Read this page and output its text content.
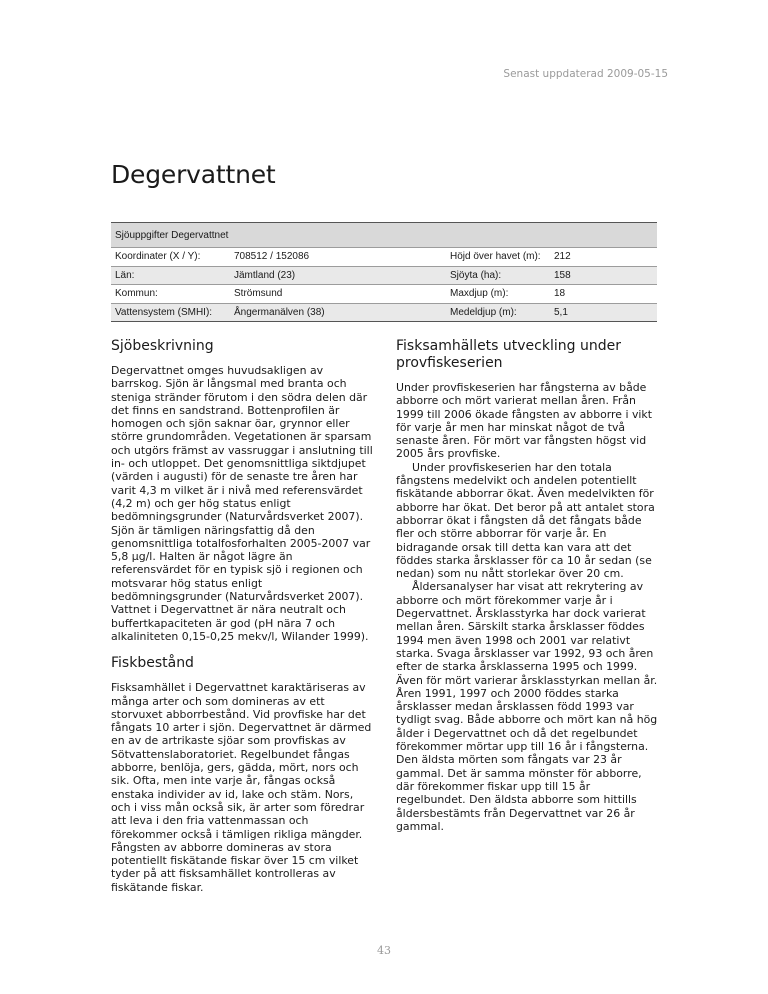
Senast uppdaterad 2009-05-15
Degervattnet
Sjöuppgifter Degervattnet			
Koordinater (X / Y):	708512 / 152086	Höjd över havet (m):	212
Län:	Jämtland (23)	Sjöyta (ha):	158
Kommun:	Strömsund	Maxdjup (m):	18
Vattensystem (SMHI):	Ångermanälven (38)	Medeldjup (m):	5,1
Sjöbeskrivning

Degervattnet omges huvudsakligen av barrskog. Sjön är långsmal med branta och steniga stränder förutom i den södra delen där det finns en sandstrand. Bottenprofilen är homogen och sjön saknar öar, grynnor eller större grundområden. Vegetationen är sparsam och utgörs främst av vassruggar i anslutning till in- och utloppet. Det genomsnittliga siktdjupet (värden i augusti) för de senaste tre åren har varit 4,3 m vilket är i nivå med referensvärdet (4,2 m) och ger hög status enligt bedömningsgrunder (Naturvårdsverket 2007). Sjön är tämligen näringsfattig då den genomsnittliga totalfosforhalten 2005-2007 var 5,8 µg/l. Halten är något lägre än referensvärdet för en typisk sjö i regionen och motsvarar hög status enligt bedömningsgrunder (Naturvårdsverket 2007). Vattnet i Degervattnet är nära neutralt och buffertkapaciteten är god (pH nära 7 och alkaliniteten 0,15-0,25 mekv/l, Wilander 1999).

Fiskbestånd

Fisksamhället i Degervattnet karaktäriseras av många arter och som domineras av ett storvuxet abborrbestånd. Vid provfiske har det fångats 10 arter i sjön. Degervattnet är därmed en av de artrikaste sjöar som provfiskas av Sötvattenslaboratoriet. Regelbundet fångas abborre, benlöja, gers, gädda, mört, nors och sik. Ofta, men inte varje år, fångas också enstaka individer av id, lake och stäm. Nors, och i viss mån också sik, är arter som föredrar att leva i den fria vattenmassan och förekommer också i tämligen rikliga mängder. Fångsten av abborre domineras av stora potentiellt fiskätande fiskar över 15 cm vilket tyder på att fisksamhället kontrolleras av fiskätande fiskar.

Fisksamhällets utveckling under provfiskeserien

Under provfiskeserien har fångsterna av både abborre och mört varierat mellan åren. Från 1999 till 2006 ökade fångsten av abborre i vikt för varje år men har minskat något de två senaste åren. För mört var fångsten högst vid 2005 års provfiske.

Under provfiskeserien har den totala fångstens medelvikt och andelen potentiellt fiskätande abborrar ökat. Även medelvikten för abborre har ökat. Det beror på att antalet stora abborrar ökat i fångsten då det fångats både fler och större abborrar för varje år. En bidragande orsak till detta kan vara att det föddes starka årsklasser för ca 10 år sedan (se nedan) som nu nått storlekar över 20 cm.

Åldersanalyser har visat att rekrytering av abborre och mört förekommer varje år i Degervattnet. Årsklasstyrka har dock varierat mellan åren. Särskilt starka årsklasser föddes 1994 men även 1998 och 2001 var relativt starka. Svaga årsklasser var 1992, 93 och åren efter de starka årsklasserna 1995 och 1999. Även för mört varierar årsklasstyrkan mellan år. Åren 1991, 1997 och 2000 föddes starka årsklasser medan årsklassen född 1993 var tydligt svag. Både abborre och mört kan nå hög ålder i Degervattnet och då det regelbundet förekommer mörtar upp till 16 år i fångsterna. Den äldsta mörten som fångats var 23 år gammal. Det är samma mönster för abborre, där förekommer fiskar upp till 15 år regelbundet. Den äldsta abborre som hittills åldersbestämts från Degervattnet var 26 år gammal.

43
